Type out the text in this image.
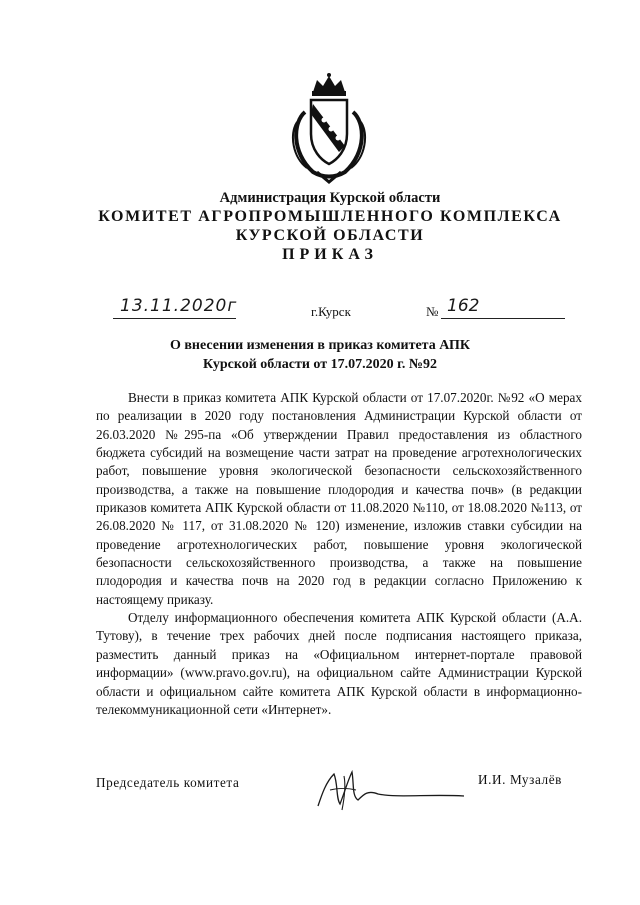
Администрация Курской области
КОМИТЕТ АГРОПРОМЫШЛЕННОГО КОМПЛЕКСА
КУРСКОЙ ОБЛАСТИ
ПРИКАЗ
13.11.2020г	г.Курск	№ 162
О внесении изменения в приказ комитета АПК
Курской области от 17.07.2020 г. №92

Внести в приказ комитета АПК Курской области от 17.07.2020г. №92 «О мерах по реализации в 2020 году постановления Администрации Курской области от 26.03.2020 №295-па «Об утверждении Правил предоставления из областного бюджета субсидий на возмещение части затрат на проведение агротехнологических работ, повышение уровня экологической безопасности сельскохозяйственного производства, а также на повышение плодородия и качества почв» (в редакции приказов комитета АПК Курской области от 11.08.2020 №110, от 18.08.2020 №113, от 26.08.2020 № 117, от 31.08.2020 № 120) изменение, изложив ставки субсидии на проведение агротехнологических работ, повышение уровня экологической безопасности сельскохозяйственного производства, а также на повышение плодородия и качества почв на 2020 год в редакции согласно Приложению к настоящему приказу.

Отделу информационного обеспечения комитета АПК Курской области (А.А. Тутову), в течение трех рабочих дней после подписания настоящего приказа, разместить данный приказ на «Официальном интернет-портале правовой информации» (www.pravo.gov.ru), на официальном сайте Администрации Курской области и официальном сайте комитета АПК Курской области в информационно-телекоммуникационной сети «Интернет».

Председатель комитета	И.И. Музалёв
